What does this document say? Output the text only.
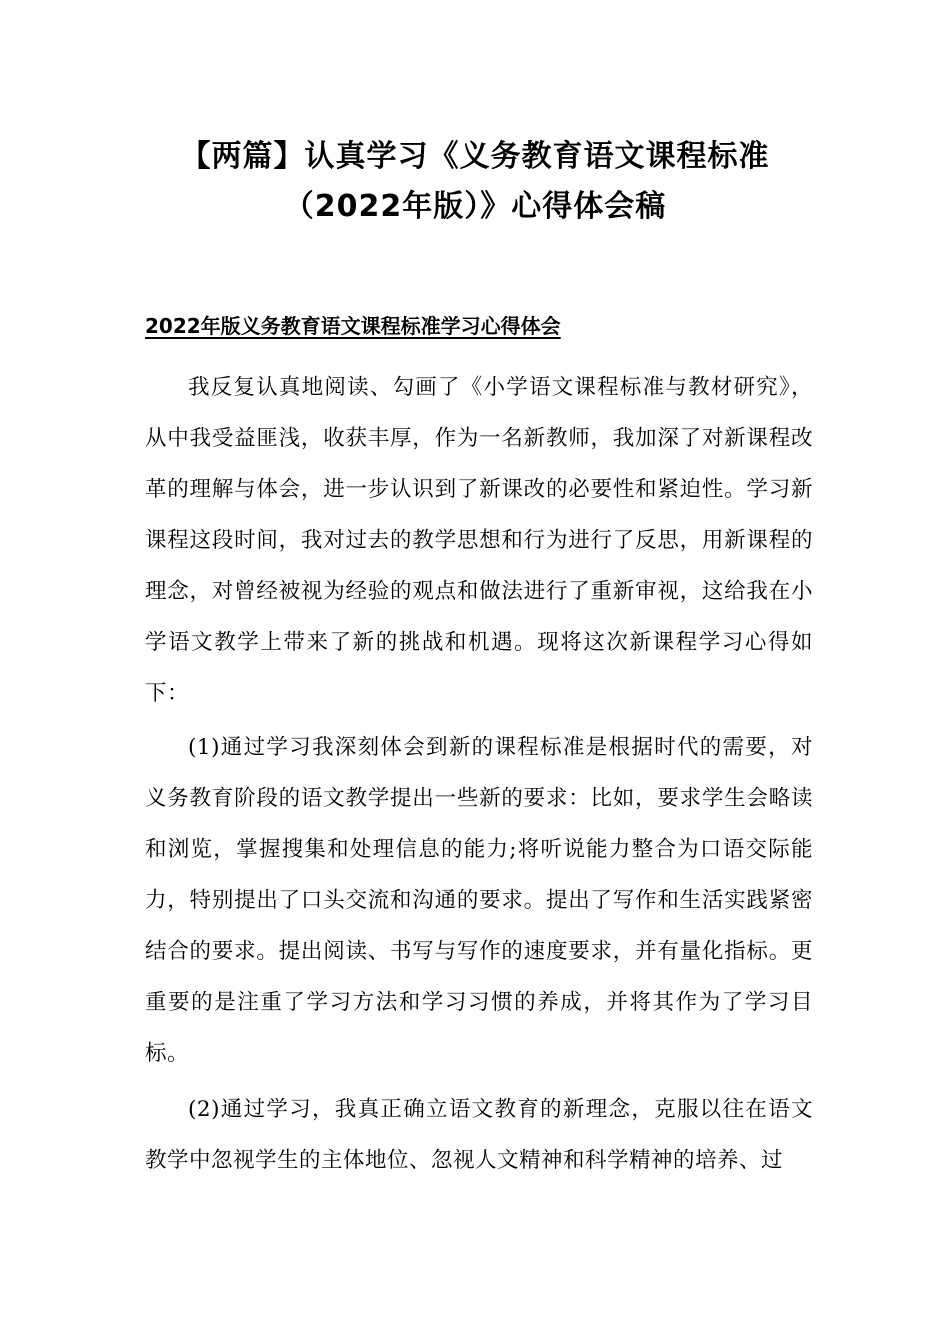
【两篇】认真学习《义务教育语文课程标准（2022年版）》心得体会稿
2022年版义务教育语文课程标准学习心得体会
我反复认真地阅读、勾画了《小学语文课程标准与教材研究》，从中我受益匪浅，收获丰厚，作为一名新教师，我加深了对新课程改革的理解与体会，进一步认识到了新课改的必要性和紧迫性。学习新课程这段时间，我对过去的教学思想和行为进行了反思，用新课程的理念，对曾经被视为经验的观点和做法进行了重新审视，这给我在小学语文教学上带来了新的挑战和机遇。现将这次新课程学习心得如下：
(1)通过学习我深刻体会到新的课程标准是根据时代的需要，对义务教育阶段的语文教学提出一些新的要求：比如，要求学生会略读和浏览，掌握搜集和处理信息的能力;将听说能力整合为口语交际能力，特别提出了口头交流和沟通的要求。提出了写作和生活实践紧密结合的要求。提出阅读、书写与写作的速度要求，并有量化指标。更重要的是注重了学习方法和学习习惯的养成，并将其作为了学习目标。
(2)通过学习，我真正确立语文教育的新理念，克服以往在语文教学中忽视学生的主体地位、忽视人文精神和科学精神的培养、过
